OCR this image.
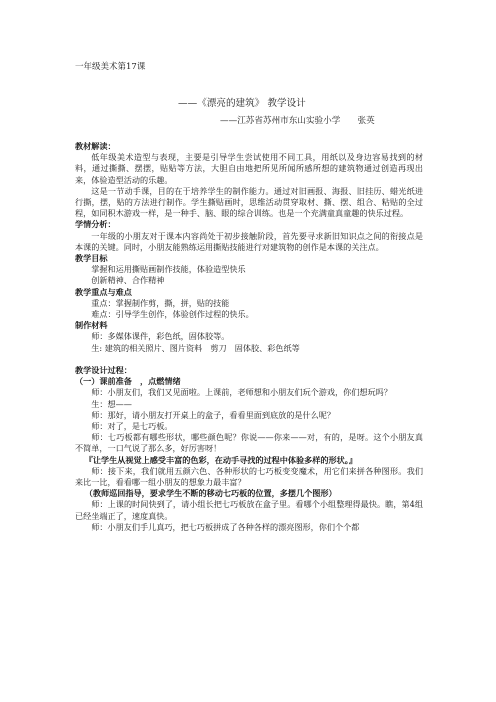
一年级美术第17课
——《漂亮的建筑》 教学设计
——江苏省苏州市东山实验小学　　张英

教材解读：

低年级美术造型与表现，主要是引导学生尝试使用不同工具，用纸以及身边容易找到的材料，通过撕撕、摆摆，贴贴等方法，大胆自由地把所见所闻所感所想的建筑物通过创造再现出来，体验造型活动的乐趣。

这是一节动手课，目的在于培养学生的制作能力。通过对旧画报、海报、旧挂历、蜡光纸进行撕，摆，贴的方法进行制作。学生撕贴画时，思维活动贯穿取材、撕、摆、组合、粘贴的全过程，如同积木游戏一样，是一种手、脑、眼的综合训练。也是一个充满童真童趣的快乐过程。

学情分析：

一年级的小朋友对于课本内容尚处于初步接触阶段，首先要寻求新旧知识点之间的衔接点是本课的关键。同时，小朋友能熟练运用撕贴技能进行对建筑物的创作是本课的关注点。

教学目标

掌握和运用撕贴画制作技能，体验造型快乐

创新精神、合作精神

教学重点与难点

重点：掌握制作剪，撕，拼，贴的技能

难点：引导学生创作，体验创作过程的快乐。

制作材料

师：多媒体课件，彩色纸，固体胶等。

生: 建筑的相关照片、图片资料　剪刀　固体胶、彩色纸等

教学设计过程：

（一）课前准备　，点燃情绪

师：小朋友们，我们又见面啦。上课前，老师想和小朋友们玩个游戏，你们想玩吗？

生：想——

师：那好，请小朋友打开桌上的盒子，看看里面到底放的是什么呢？

师：对了，是七巧板。

师：七巧板都有哪些形状，哪些颜色呢？你说——你来——对，有的，是呀。这个小朋友真不简单，一口气说了那么多，好厉害呀！

『让学生从视觉上感受丰富的色彩，在动手寻找的过程中体验多样的形状。』

师：接下来，我们就用五颜六色、各种形状的七巧板变变魔术，用它们来拼各种图形。我们来比一比，看看哪一组小朋友的想象力最丰富？

（教师巡回指导，要求学生不断的移动七巧板的位置，多摆几个图形）

师：上课的时间快到了，请小组长把七巧板放在盒子里。看哪个小组整理得最快。瞧，第4组已经坐端正了，速度真快。

师：小朋友们手儿真巧，把七巧板拼成了各种各样的漂亮图形，你们个个都
